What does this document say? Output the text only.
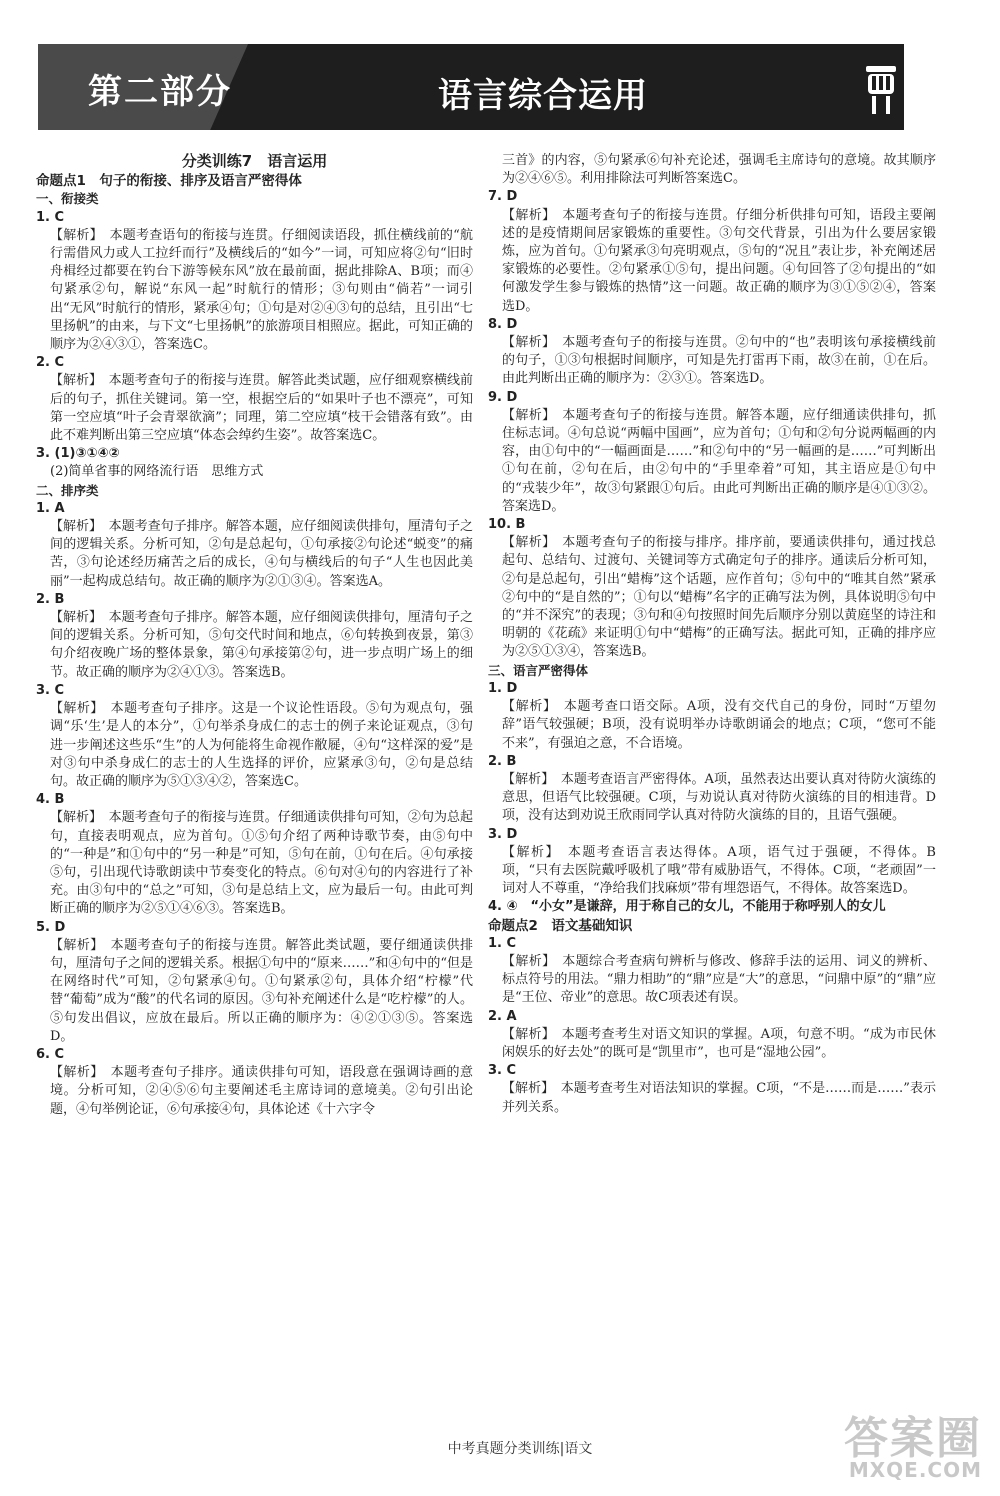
第二部分	语言综合运用
分类训练7　语言运用
命题点1　句子的衔接、排序及语言严密得体
一、衔接类
1. C
【解析】　本题考查语句的衔接与连贯。仔细阅读语段，抓住横线前的“航行需借风力或人工拉纤而行”及横线后的“如今”一词，可知应将②句“旧时舟楫经过都要在钓台下游等候东风”放在最前面，据此排除A、B项；而④句紧承②句，解说“东风一起”时航行的情形；③句则由“倘若”一词引出“无风”时航行的情形，紧承④句；①句是对②④③句的总结，且引出“七里扬帆”的由来，与下文“七里扬帆”的旅游项目相照应。据此，可知正确的顺序为②④③①，答案选C。
2. C
【解析】　本题考查句子的衔接与连贯。解答此类试题，应仔细观察横线前后的句子，抓住关键词。第一空，根据空后的“如果叶子也不漂亮”，可知第一空应填“叶子会青翠欲滴”；同理，第二空应填“枝干会错落有致”。由此不难判断出第三空应填“体态会绰约生姿”。故答案选C。
3. (1)③①④②
(2)简单省事的网络流行语　思维方式
二、排序类
1. A
【解析】　本题考查句子排序。解答本题，应仔细阅读供排句，厘清句子之间的逻辑关系。分析可知，②句是总起句，①句承接②句论述“蜕变”的痛苦，③句论述经历痛苦之后的成长，④句与横线后的句子“人生也因此美丽”一起构成总结句。故正确的顺序为②①③④。答案选A。
2. B
【解析】　本题考查句子排序。解答本题，应仔细阅读供排句，厘清句子之间的逻辑关系。分析可知，⑤句交代时间和地点，⑥句转换到夜景，第③句介绍夜晚广场的整体景象，第④句承接第②句，进一步点明广场上的细节。故正确的顺序为②④①③。答案选B。
3. C
【解析】　本题考查句子排序。这是一个议论性语段。⑤句为观点句，强调“乐‘生’是人的本分”，①句举杀身成仁的志士的例子来论证观点，③句进一步阐述这些乐“生”的人为何能将生命视作敝屣，④句“这样深的爱”是对③句中杀身成仁的志士的人生选择的评价，应紧承③句，②句是总结句。故正确的顺序为⑤①③④②，答案选C。
4. B
【解析】　本题考查句子的衔接与连贯。仔细通读供排句可知，②句为总起句，直接表明观点，应为首句。①⑤句介绍了两种诗歌节奏，由⑤句中的“一种是”和①句中的“另一种是”可知，⑤句在前，①句在后。④句承接⑤句，引出现代诗歌朗读中节奏变化的特点。⑥句对④句的内容进行了补充。由③句中的“总之”可知，③句是总结上文，应为最后一句。由此可判断正确的顺序为②⑤①④⑥③。答案选B。
5. D
【解析】　本题考查句子的衔接与连贯。解答此类试题，要仔细通读供排句，厘清句子之间的逻辑关系。根据①句中的“原来……”和④句中的“但是在网络时代”可知，②句紧承④句。①句紧承②句，具体介绍“柠檬”代替“葡萄”成为“酸”的代名词的原因。③句补充阐述什么是“吃柠檬”的人。⑤句发出倡议，应放在最后。所以正确的顺序为：④②①③⑤。答案选D。
6. C
【解析】　本题考查句子排序。通读供排句可知，语段意在强调诗画的意境。分析可知，②④⑤⑥句主要阐述毛主席诗词的意境美。②句引出论题，④句举例论证，⑥句承接④句，具体论述《十六字令
三首》的内容，⑤句紧承⑥句补充论述，强调毛主席诗句的意境。故其顺序为②④⑥⑤。利用排除法可判断答案选C。
7. D
【解析】　本题考查句子的衔接与连贯。仔细分析供排句可知，语段主要阐述的是疫情期间居家锻炼的重要性。③句交代背景，引出为什么要居家锻炼，应为首句。①句紧承③句亮明观点，⑤句的“况且”表让步，补充阐述居家锻炼的必要性。②句紧承①⑤句，提出问题。④句回答了②句提出的“如何激发学生参与锻炼的热情”这一问题。故正确的顺序为③①⑤②④，答案选D。
8. D
【解析】　本题考查句子的衔接与连贯。②句中的“也”表明该句承接横线前的句子，①③句根据时间顺序，可知是先打雷再下雨，故③在前，①在后。由此判断出正确的顺序为：②③①。答案选D。
9. D
【解析】　本题考查句子的衔接与连贯。解答本题，应仔细通读供排句，抓住标志词。④句总说“两幅中国画”，应为首句；①句和②句分说两幅画的内容，由①句中的“一幅画面是……”和②句中的“另一幅画的是……”可判断出①句在前，②句在后，由②句中的“手里牵着”可知，其主语应是①句中的“戎装少年”，故③句紧跟①句后。由此可判断出正确的顺序是④①③②。答案选D。
10. B
【解析】　本题考查句子的衔接与排序。排序前，要通读供排句，通过找总起句、总结句、过渡句、关键词等方式确定句子的排序。通读后分析可知，②句是总起句，引出“蜡梅”这个话题，应作首句；⑤句中的“唯其自然”紧承②句中的“是自然的”；①句以“蜡梅”名字的正确写法为例，具体说明⑤句中的“并不深究”的表现；③句和④句按照时间先后顺序分别以黄庭坚的诗注和明朝的《花疏》来证明①句中“蜡梅”的正确写法。据此可知，正确的排序应为②⑤①③④，答案选B。
三、语言严密得体
1. D
【解析】　本题考查口语交际。A项，没有交代自己的身份，同时“万望勿辞”语气较强硬；B项，没有说明举办诗歌朗诵会的地点；C项，“您可不能不来”，有强迫之意，不合语境。
2. B
【解析】　本题考查语言严密得体。A项，虽然表达出要认真对待防火演练的意思，但语气比较强硬。C项，与劝说认真对待防火演练的目的相违背。D项，没有达到劝说王欣雨同学认真对待防火演练的目的，且语气强硬。
3. D
【解析】　本题考查语言表达得体。A项，语气过于强硬，不得体。B项，“只有去医院戴呼吸机了哦”带有威胁语气，不得体。C项，“老顽固”一词对人不尊重，“净给我们找麻烦”带有埋怨语气，不得体。故答案选D。
4. ④　“小女”是谦辞，用于称自己的女儿，不能用于称呼别人的女儿
命题点2　语文基础知识
1. C
【解析】　本题综合考查病句辨析与修改、修辞手法的运用、词义的辨析、标点符号的用法。“鼎力相助”的“鼎”应是“大”的意思，“问鼎中原”的“鼎”应是“王位、帝业”的意思。故C项表述有误。
2. A
【解析】　本题考查考生对语文知识的掌握。A项，句意不明。“成为市民休闲娱乐的好去处”的既可是“凯里市”，也可是“湿地公园”。
3. C
【解析】　本题考查考生对语法知识的掌握。C项，“不是……而是……”表示并列关系。
中考真题分类训练|语文	答案圈
MXQE.COM
